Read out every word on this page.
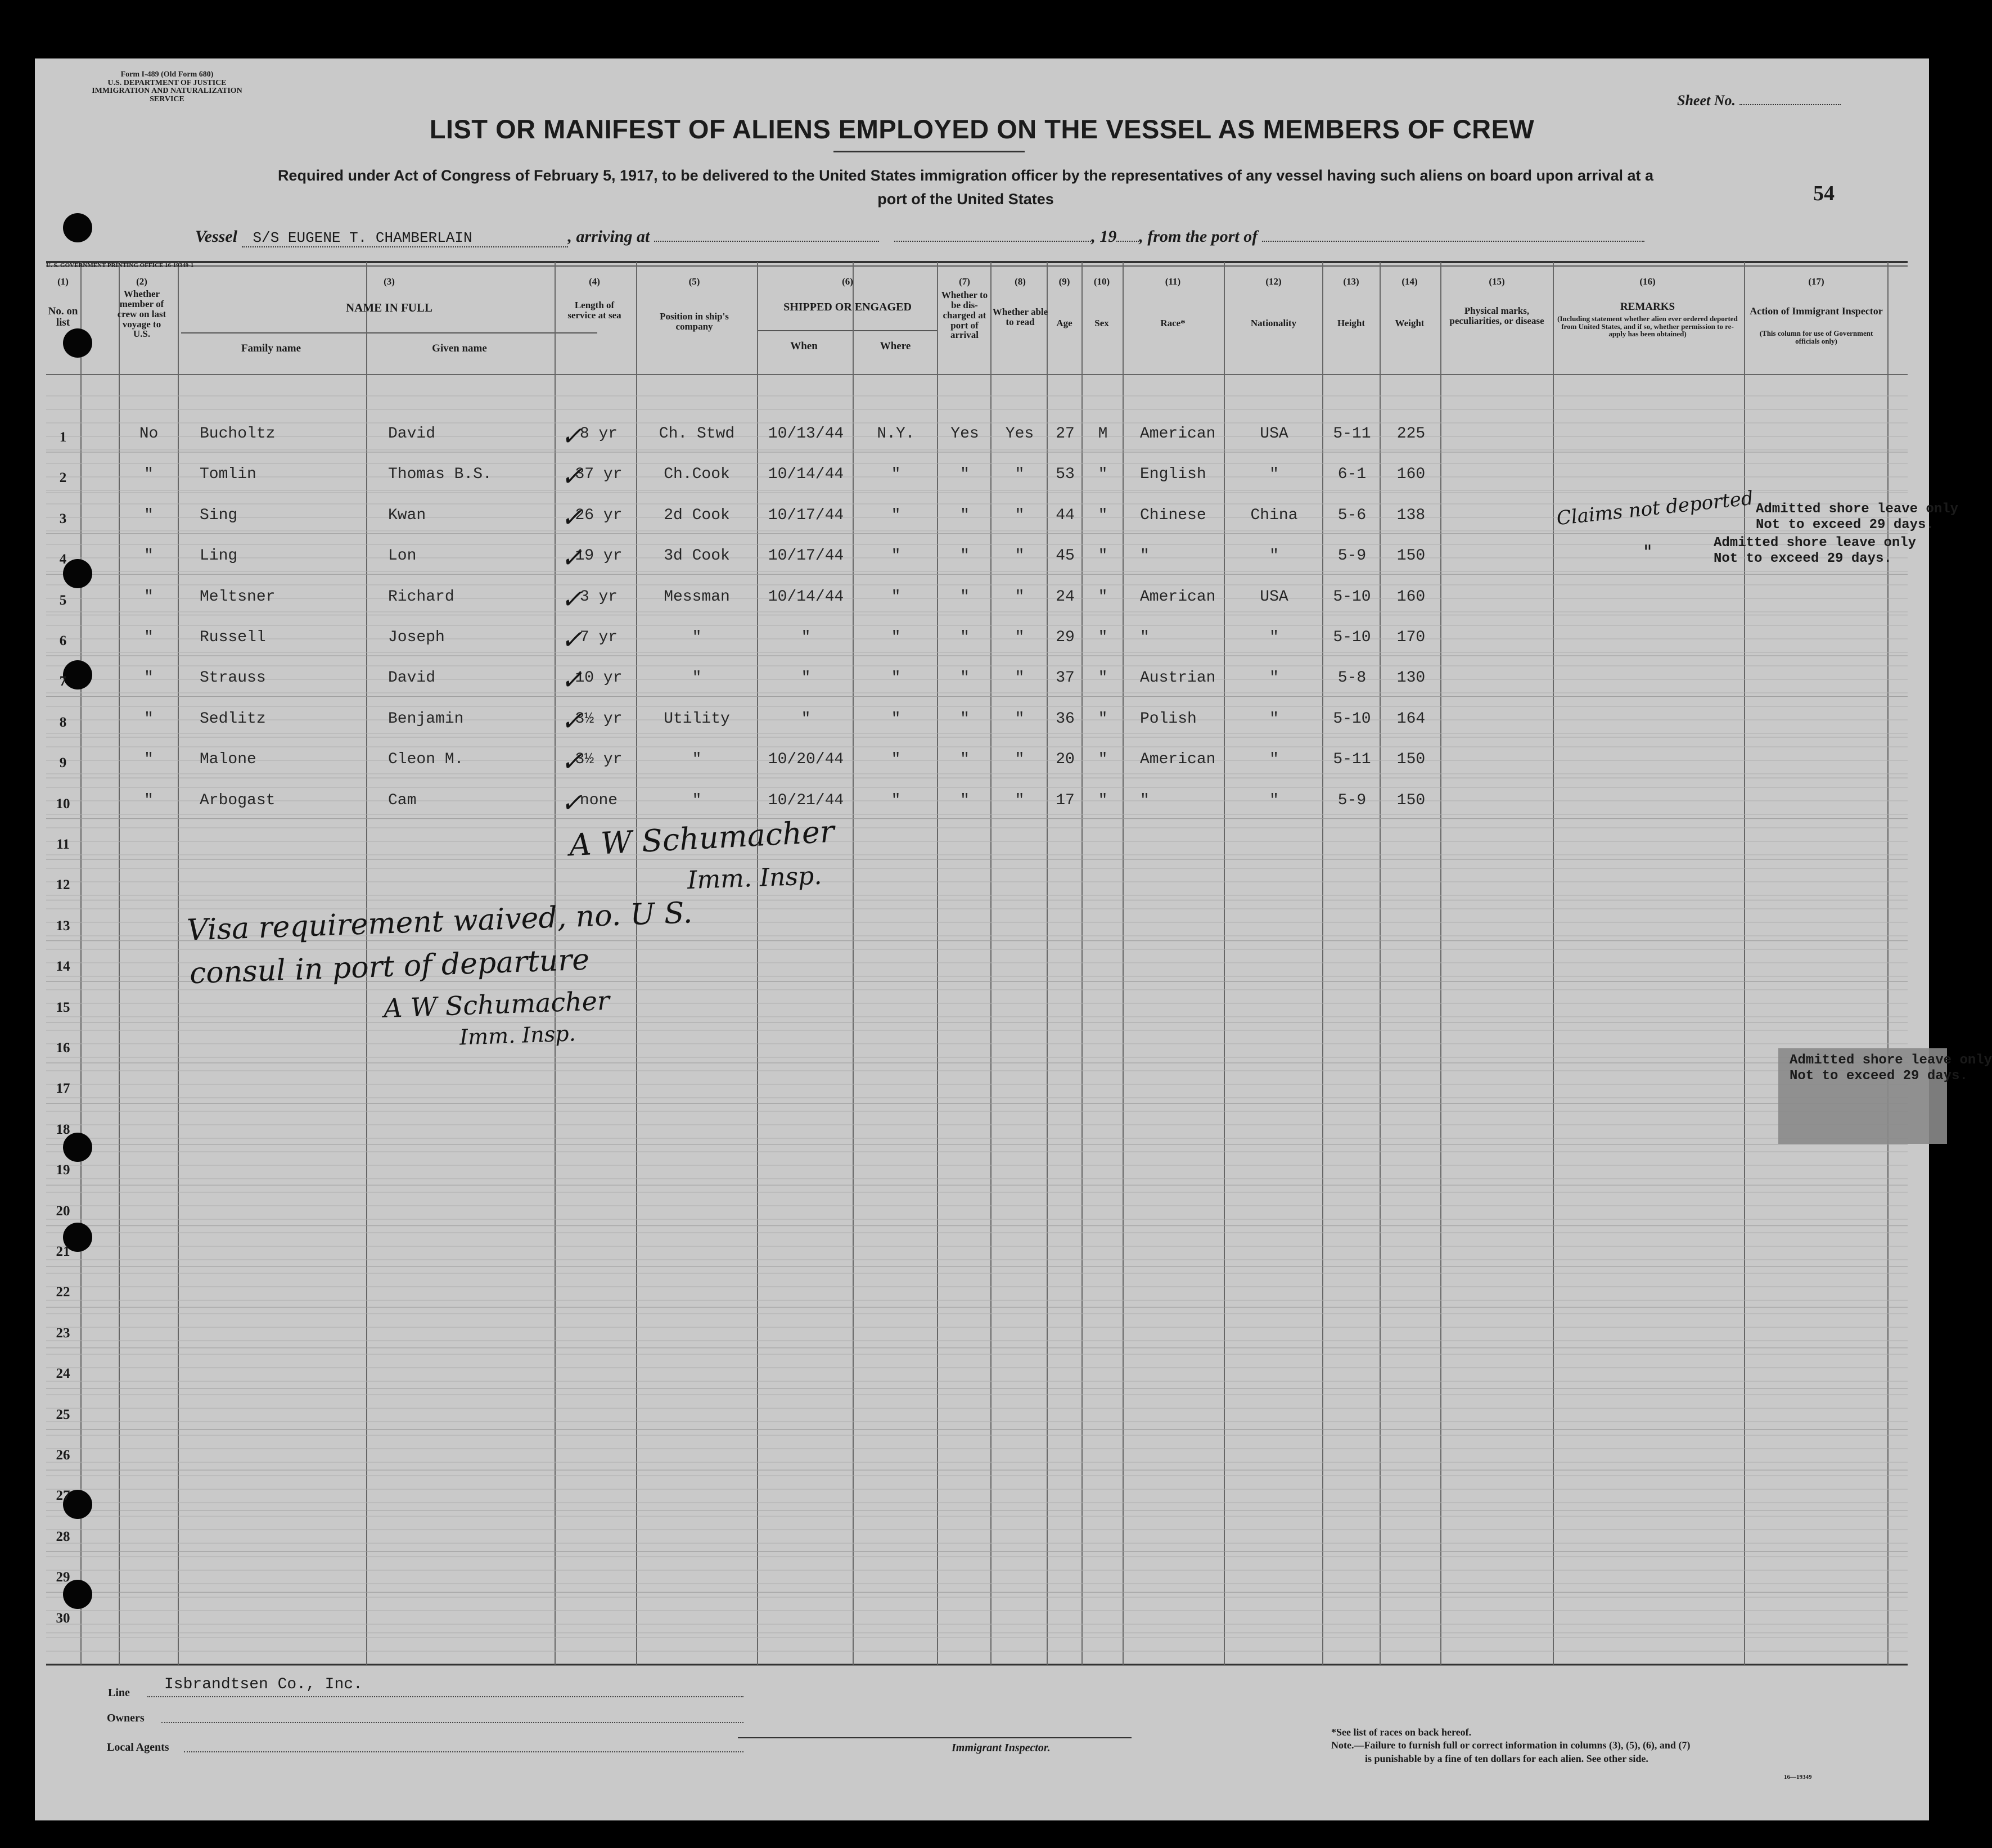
Form I-489 (Old Form 680)
U.S. DEPARTMENT OF JUSTICE
IMMIGRATION AND NATURALIZATION SERVICE	Sheet No.
LIST OR MANIFEST OF ALIENS EMPLOYED ON THE VESSEL AS MEMBERS OF CREW
Required under Act of Congress of February 5, 1917, to be delivered to the United States immigration officer by the representatives of any vessel having such aliens on board upon arrival at a
port of the United States	54
Vessel S/S EUGENE T. CHAMBERLAIN	, arriving at	, 19 , from the port of
U. S. GOVERNMENT PRINTING OFFICE 16-19349-1
(1)
No. on list
(2)
Whether member of crew on last voyage to U.S.
(3)
NAME IN FULL
Family name	Given name
(4)
Length of service at sea
(5)
Position in ship's company
(6)
SHIPPED OR ENGAGED
When	Where
(7)
Whether to be dis-charged at port of arrival
(8)
Whether able to read
(9)
Age
(10)
Sex
(11)
Race*
(12)
Nationality
(13)
Height
(14)
Weight
(15)
Physical marks, peculiarities, or disease
(16)
REMARKS
(Including statement whether alien ever ordered deported from United States, and if so, whether permission to re-apply has been obtained)
(17)
Action of Immigrant Inspector
(This column for use of Government officials only)
1	No	Bucholtz	David	8 yr	Ch. Stwd	10/13/44	N.Y.	Yes	Yes	27	M	American	USA	5-11	225
✓
2	"	Tomlin	Thomas B.S.	37 yr	Ch.Cook	10/14/44	"	"	"	53	"	English	"	6-1	160
✓
3	"	Sing	Kwan	26 yr	2d Cook	10/17/44	"	"	"	44	"	Chinese	China	5-6	138
✓
4	"	Ling	Lon	19 yr	3d Cook	10/17/44	"	"	"	45	"	"	"	5-9	150
✓
5	"	Meltsner	Richard	3 yr	Messman	10/14/44	"	"	"	24	"	American	USA	5-10	160
✓
6	"	Russell	Joseph	7 yr	"	"	"	"	"	29	"	"	"	5-10	170
✓
7	"	Strauss	David	10 yr	"	"	"	"	"	37	"	Austrian	"	5-8	130
✓
8	"	Sedlitz	Benjamin	3½ yr	Utility	"	"	"	"	36	"	Polish	"	5-10	164
✓
9	"	Malone	Cleon M.	3½ yr	"	10/20/44	"	"	"	20	"	American	"	5-11	150
✓
10	"	Arbogast	Cam	none	"	10/21/44	"	"	"	17	"	"	"	5-9	150
✓
11
12
13
14
15
16
17
18
19
20
21
22
23
24
25
26
27
28
29
30
A W Schumacher
Imm. Insp.
Visa requirement waived, no. U S.
consul in port of departure
A W Schumacher
Imm. Insp.
Claims not deported
"
Admitted shore leave only
Not to exceed 29 days.
Admitted shore leave only
Not to exceed 29 days.
Admitted shore leave only
Not to exceed 29 days.
Line Isbrandtsen Co., Inc.
Owners
Local Agents	Immigrant Inspector.
*See list of races on back hereof.
Note.—Failure to furnish full or correct information in columns (3), (5), (6), and (7)
is punishable by a fine of ten dollars for each alien. See other side.
16—19349
